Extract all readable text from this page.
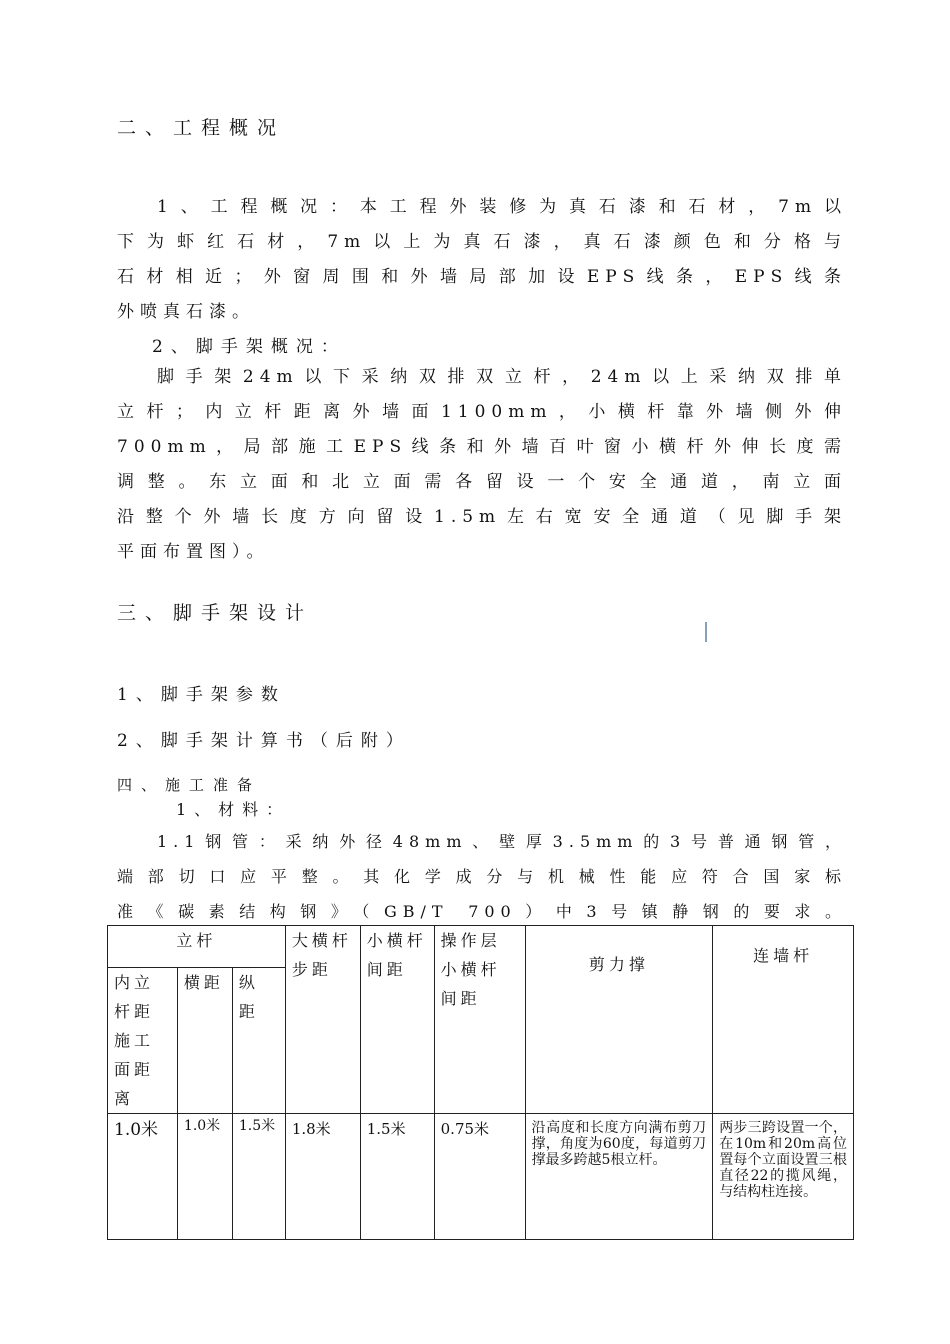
二、工程概况
1、工程概况：本工程外装修为真石漆和石材，7m以
下为虾红石材，7m以上为真石漆，真石漆颜色和分格与
石材相近；外窗周围和外墙局部加设EPS线条，EPS线条
外喷真石漆。
2、脚手架概况：
脚手架24m以下采纳双排双立杆，24m以上采纳双排单
立杆；内立杆距离外墙面1100mm，小横杆靠外墙侧外伸
700mm，局部施工EPS线条和外墙百叶窗小横杆外伸长度需
调整。东立面和北立面需各留设一个安全通道，南立面
沿整个外墙长度方向留设1.5m左右宽安全通道（见脚手架
平面布置图）。
三、脚手架设计
1、脚手架参数
2、脚手架计算书（后附）
四、施工准备
1、材料：
1.1钢管：采纳外径48mm、壁厚3.5mm的3号普通钢管，
端部切口应平整。其化学成分与机械性能应符合国家标
准《碳素结构钢》（GB/T 700）中3号镇静钢的要求。
立杆			大横杆步距	小横杆间距	操作层小横杆间距	剪力撑	连墙杆
内立杆距施工面距离	横距	纵距					
1.0米	1.0米	1.5米	1.8米	1.5米	0.75米	沿高度和长度方向满布剪刀撑，角度为60度，每道剪刀撑最多跨越5根立杆。	两步三跨设置一个，在10m和20m高位置每个立面设置三根直径22的揽风绳，与结构柱连接。
